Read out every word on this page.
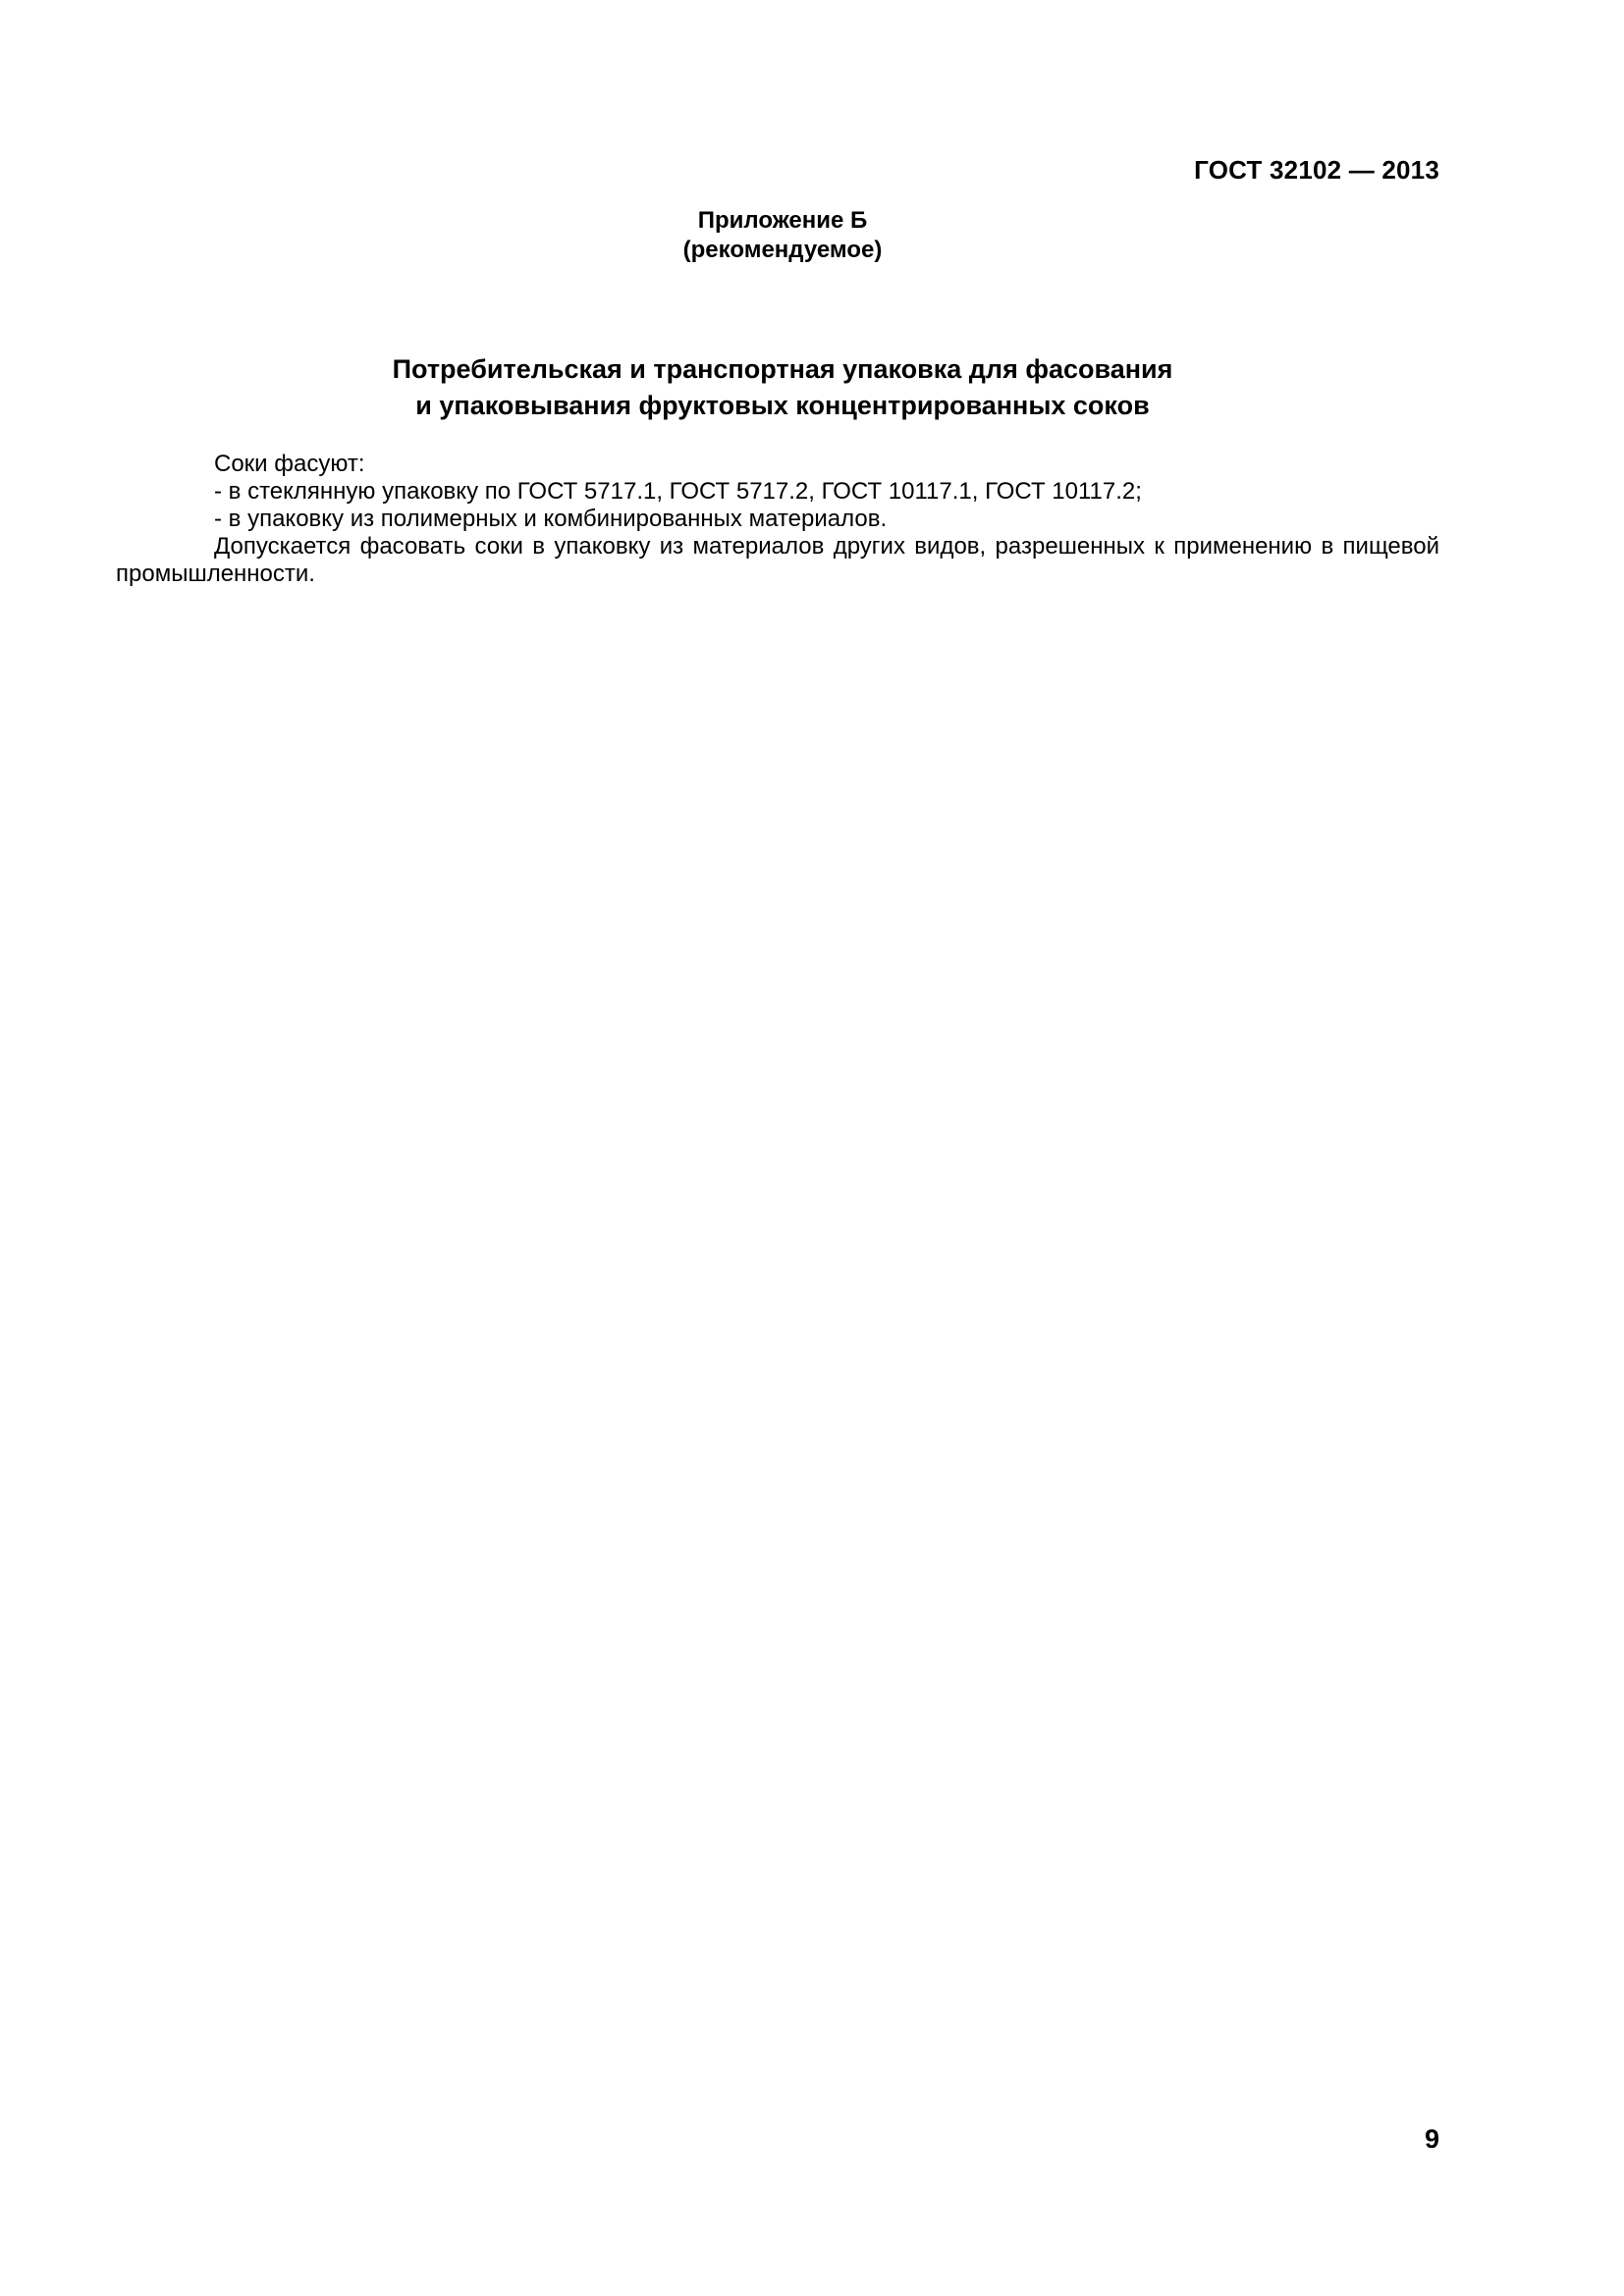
ГОСТ 32102 — 2013
Приложение Б
(рекомендуемое)
Потребительская и транспортная упаковка для фасования
и упаковывания фруктовых концентрированных соков
Соки фасуют:
- в стеклянную упаковку по ГОСТ 5717.1, ГОСТ 5717.2, ГОСТ 10117.1, ГОСТ 10117.2;
- в упаковку из полимерных и комбинированных материалов.
Допускается фасовать соки в упаковку из материалов других видов, разрешенных к применению в пищевой промышленности.
9
